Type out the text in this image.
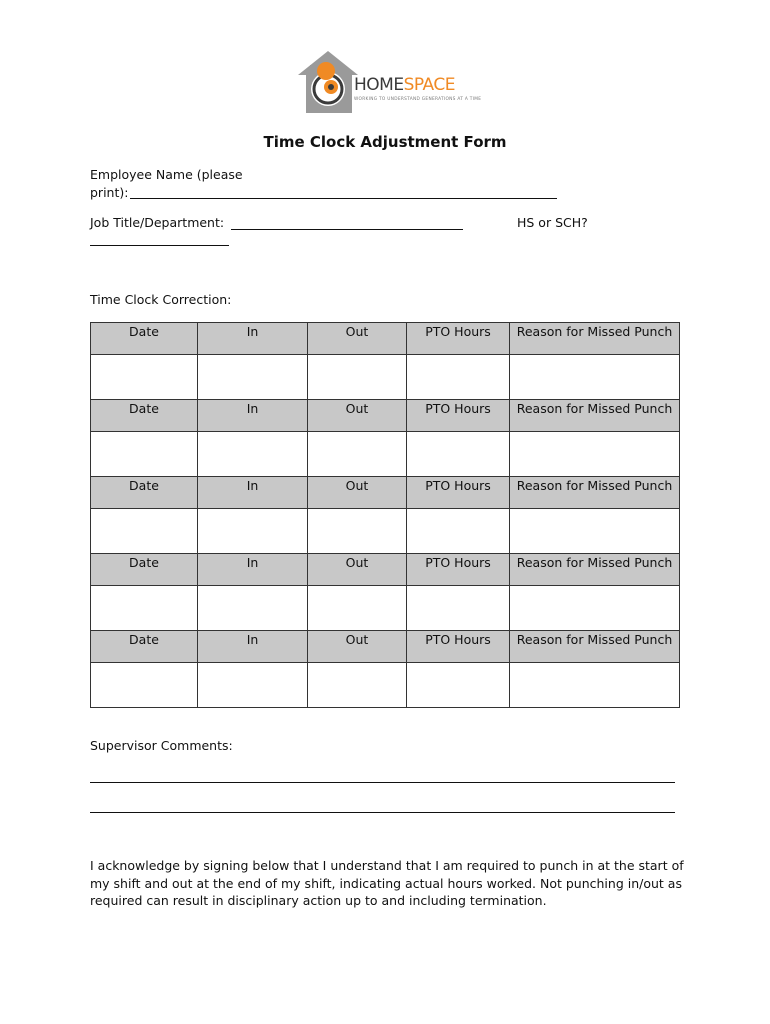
HOMESPACE
WORKING TO UNDERSTAND GENERATIONS AT A TIME
Time Clock Adjustment Form
Employee Name (please
print):
Job Title/Department:	HS or SCH?
Time Clock Correction:
Date	In	Out	PTO Hours	Reason for Missed Punch

Date	In	Out	PTO Hours	Reason for Missed Punch

Date	In	Out	PTO Hours	Reason for Missed Punch

Date	In	Out	PTO Hours	Reason for Missed Punch

Date	In	Out	PTO Hours	Reason for Missed Punch

Supervisor Comments:
I acknowledge by signing below that I understand that I am required to punch in at the start of my shift and out at the end of my shift, indicating actual hours worked. Not punching in/out as required can result in disciplinary action up to and including termination.
